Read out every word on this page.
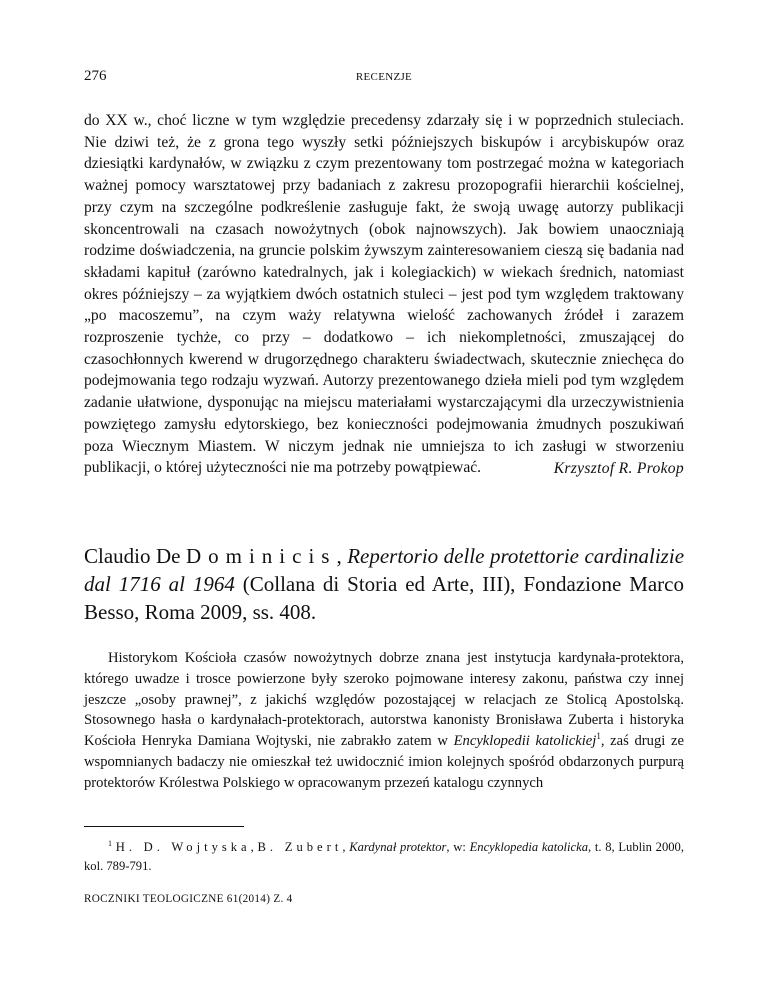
276	RECENZJE

do XX w., choć liczne w tym względzie precedensy zdarzały się i w poprzednich stuleciach. Nie dziwi też, że z grona tego wyszły setki późniejszych biskupów i arcybiskupów oraz dziesiątki kardynałów, w związku z czym prezentowany tom postrzegać można w kategoriach ważnej pomocy warsztatowej przy badaniach z zakresu prozopografii hierarchii kościelnej, przy czym na szczególne podkreślenie zasługuje fakt, że swoją uwagę autorzy publikacji skoncentrowali na czasach nowożytnych (obok najnowszych). Jak bowiem unaoczniają rodzime doświadczenia, na gruncie polskim żywszym zainteresowaniem cieszą się badania nad składami kapituł (zarówno katedralnych, jak i kolegiackich) w wiekach średnich, natomiast okres późniejszy – za wyjątkiem dwóch ostatnich stuleci – jest pod tym względem traktowany „po macoszemu”, na czym waży relatywna wielość zachowanych źródeł i zarazem rozproszenie tychże, co przy – dodatkowo – ich niekompletności, zmuszającej do czasochłonnych kwerend w drugorzędnego charakteru świadectwach, skutecznie zniechęca do podejmowania tego rodzaju wyzwań. Autorzy prezentowanego dzieła mieli pod tym względem zadanie ułatwione, dysponując na miejscu materiałami wystarczającymi dla urzeczywistnienia powziętego zamysłu edytorskiego, bez konieczności podejmowania żmudnych poszukiwań poza Wiecznym Miastem. W niczym jednak nie umniejsza to ich zasługi w stworzeniu publikacji, o której użyteczności nie ma potrzeby powątpiewać.	Krzysztof R. Prokop

Claudio De Dominicis, Repertorio delle protettorie cardinalizie dal 1716 al 1964 (Collana di Storia ed Arte, III), Fondazione Marco Besso, Roma 2009, ss. 408.

Historykom Kościoła czasów nowożytnych dobrze znana jest instytucja kardynała-protektora, którego uwadze i trosce powierzone były szeroko pojmowane interesy zakonu, państwa czy innej jeszcze „osoby prawnej”, z jakichś względów pozostającej w relacjach ze Stolicą Apostolską. Stosownego hasła o kardynałach-protektorach, autorstwa kanonisty Bronisława Zuberta i historyka Kościoła Henryka Damiana Wojtyski, nie zabrakło zatem w Encyklopedii katolickiej$^1$, zaś drugi ze wspomnianych badaczy nie omieszkał też uwidocznić imion kolejnych spośród obdarzonych purpurą protektorów Królestwa Polskiego w opracowanym przezeń katalogu czynnych

$^1$ H. D. Wojtyska, B. Zubert, Kardynał protektor, w: Encyklopedia katolicka, t. 8, Lublin 2000, kol. 789-791.

ROCZNIKI TEOLOGICZNE 61(2014) Z. 4
